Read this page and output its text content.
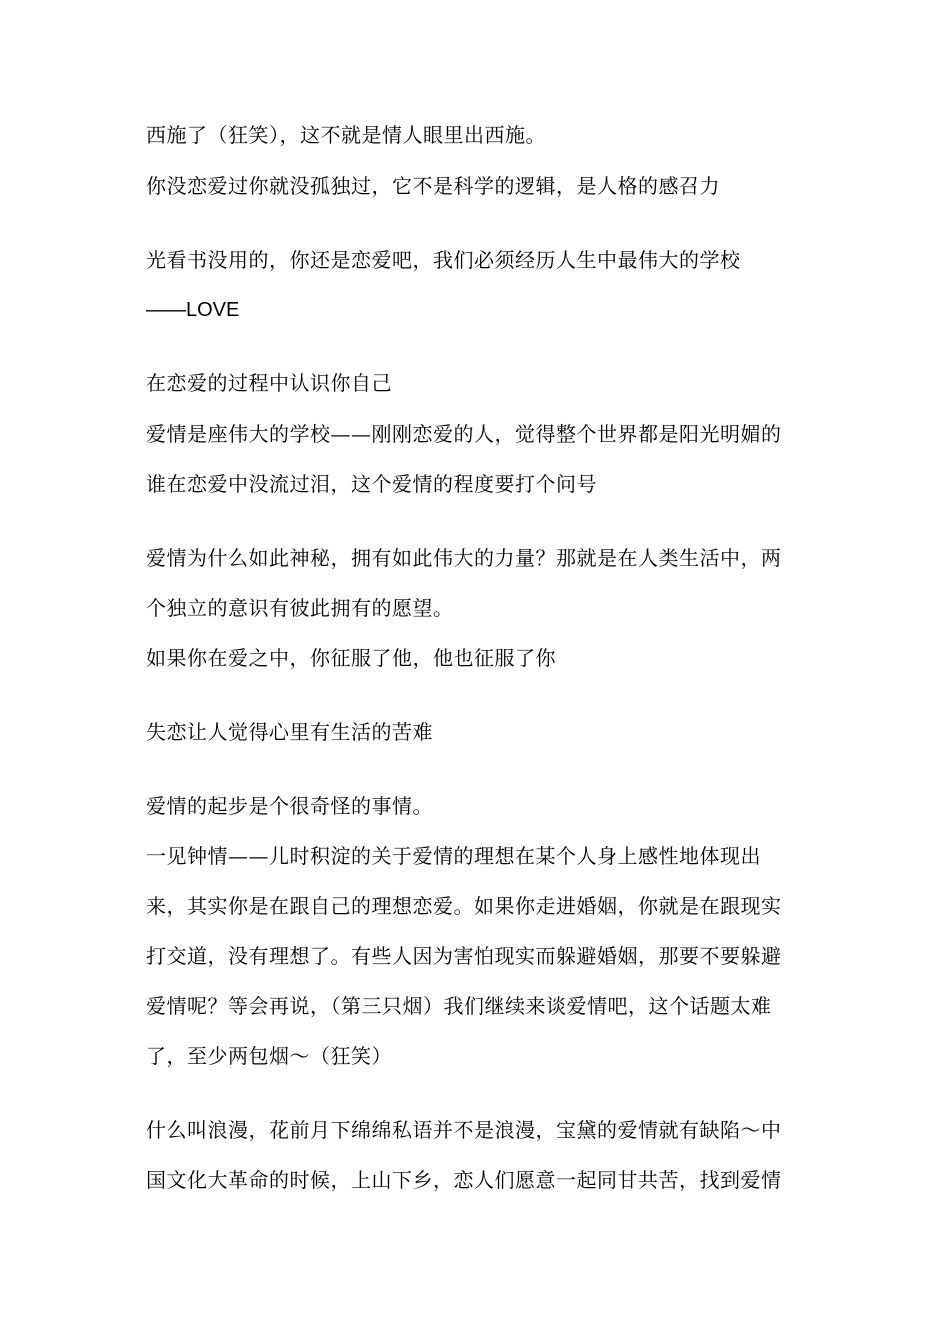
西施了（狂笑），这不就是情人眼里出西施。
你没恋爱过你就没孤独过，它不是科学的逻辑，是人格的感召力
光看书没用的，你还是恋爱吧，我们必须经历人生中最伟大的学校
——LOVE
在恋爱的过程中认识你自己
爱情是座伟大的学校——刚刚恋爱的人，觉得整个世界都是阳光明媚的
谁在恋爱中没流过泪，这个爱情的程度要打个问号
爱情为什么如此神秘，拥有如此伟大的力量？那就是在人类生活中，两
个独立的意识有彼此拥有的愿望。
如果你在爱之中，你征服了他，他也征服了你
失恋让人觉得心里有生活的苦难
爱情的起步是个很奇怪的事情。
一见钟情——儿时积淀的关于爱情的理想在某个人身上感性地体现出
来，其实你是在跟自己的理想恋爱。如果你走进婚姻，你就是在跟现实
打交道，没有理想了。有些人因为害怕现实而躲避婚姻，那要不要躲避
爱情呢？等会再说，（第三只烟）我们继续来谈爱情吧，这个话题太难
了，至少两包烟～（狂笑）
什么叫浪漫，花前月下绵绵私语并不是浪漫，宝黛的爱情就有缺陷～中
国文化大革命的时候，上山下乡，恋人们愿意一起同甘共苦，找到爱情
